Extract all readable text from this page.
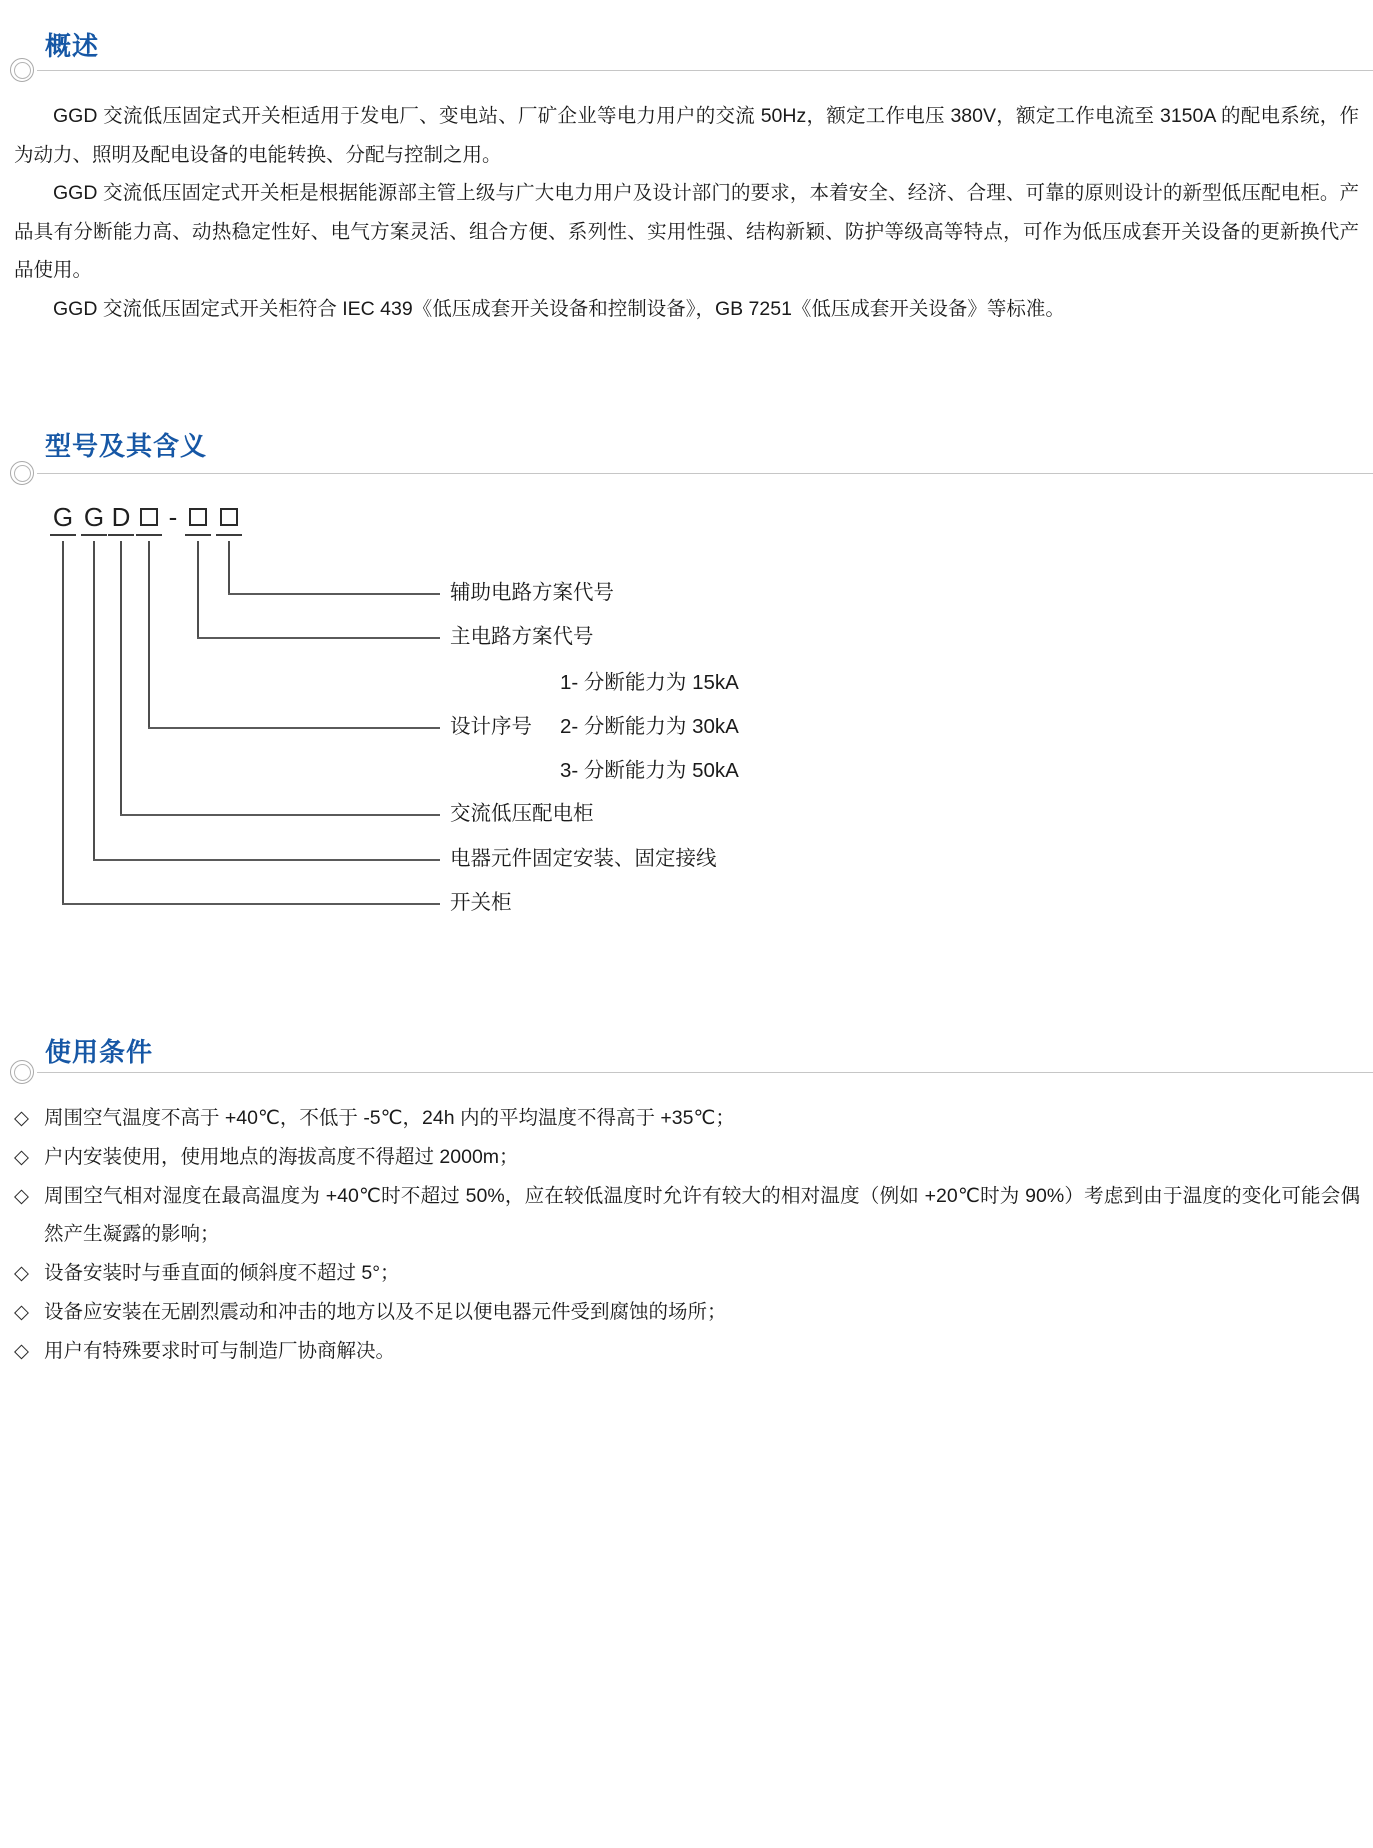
概述

GGD 交流低压固定式开关柜适用于发电厂、变电站、厂矿企业等电力用户的交流 50Hz，额定工作电压 380V，额定工作电流至 3150A 的配电系统，作为动力、照明及配电设备的电能转换、分配与控制之用。

GGD 交流低压固定式开关柜是根据能源部主管上级与广大电力用户及设计部门的要求，本着安全、经济、合理、可靠的原则设计的新型低压配电柜。产品具有分断能力高、动热稳定性好、电气方案灵活、组合方便、系列性、实用性强、结构新颖、防护等级高等特点，可作为低压成套开关设备的更新换代产品使用。

GGD 交流低压固定式开关柜符合 IEC 439《低压成套开关设备和控制设备》，GB 7251《低压成套开关设备》等标准。

型号及其含义
G G D -
辅助电路方案代号
主电路方案代号
设计序号
交流低压配电柜
电器元件固定安装、固定接线
开关柜
1- 分断能力为 15kA
2- 分断能力为 30kA
3- 分断能力为 50kA
使用条件
◇ 周围空气温度不高于 +40℃，不低于 -5℃，24h 内的平均温度不得高于 +35℃；
◇ 户内安装使用，使用地点的海拔高度不得超过 2000m；
◇ 周围空气相对湿度在最高温度为 +40℃时不超过 50%，应在较低温度时允许有较大的相对温度（例如 +20℃时为 90%）考虑到由于温度的变化可能会偶然产生凝露的影响；
◇ 设备安装时与垂直面的倾斜度不超过 5°；
◇ 设备应安装在无剧烈震动和冲击的地方以及不足以便电器元件受到腐蚀的场所；
◇ 用户有特殊要求时可与制造厂协商解决。
